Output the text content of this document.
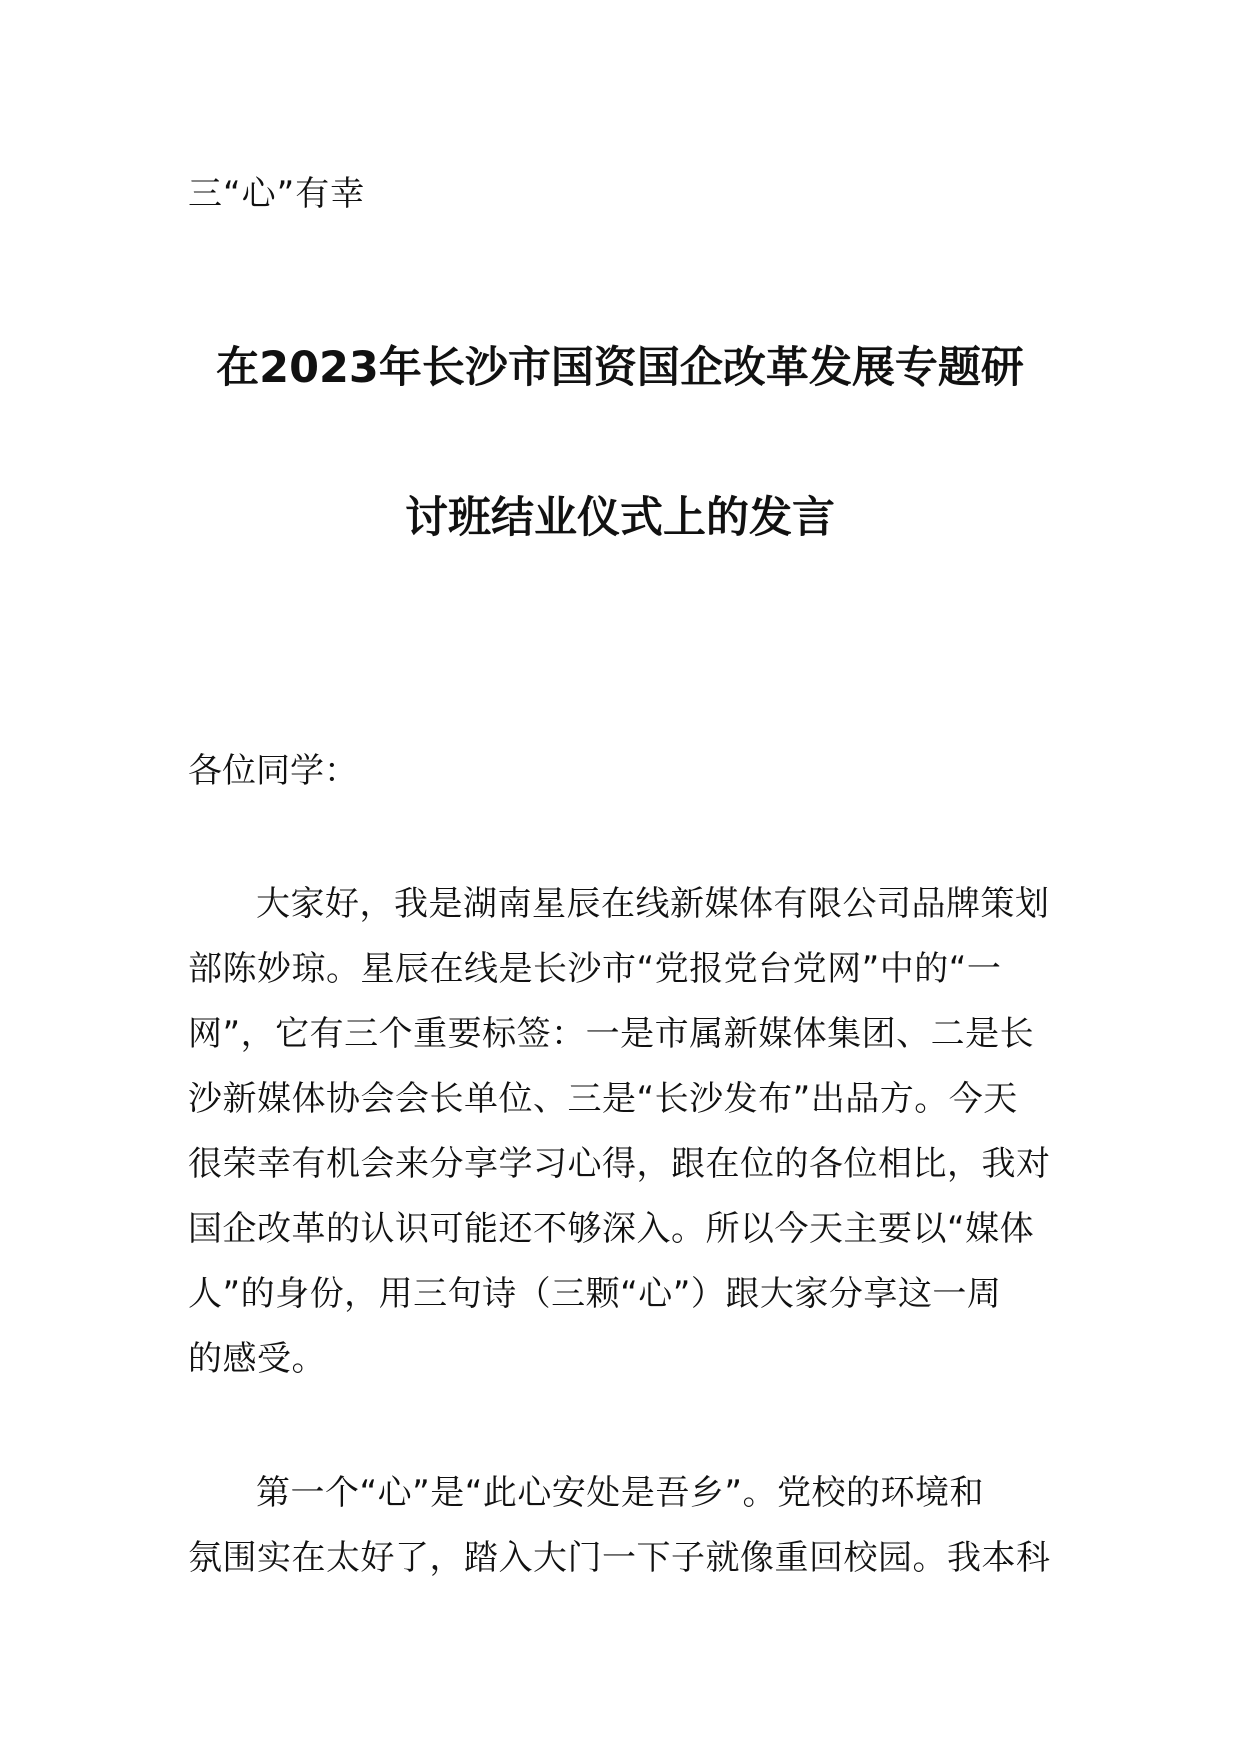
三“心”有幸
在2023年长沙市国资国企改革发展专题研
讨班结业仪式上的发言
各位同学：
大家好，我是湖南星辰在线新媒体有限公司品牌策划
部陈妙琼。星辰在线是长沙市“党报党台党网”中的“一
网”，它有三个重要标签：一是市属新媒体集团、二是长
沙新媒体协会会长单位、三是“长沙发布”出品方。今天
很荣幸有机会来分享学习心得，跟在位的各位相比，我对
国企改革的认识可能还不够深入。所以今天主要以“媒体
人”的身份，用三句诗（三颗“心”）跟大家分享这一周
的感受。
第一个“心”是“此心安处是吾乡”。党校的环境和
氛围实在太好了，踏入大门一下子就像重回校园。我本科
